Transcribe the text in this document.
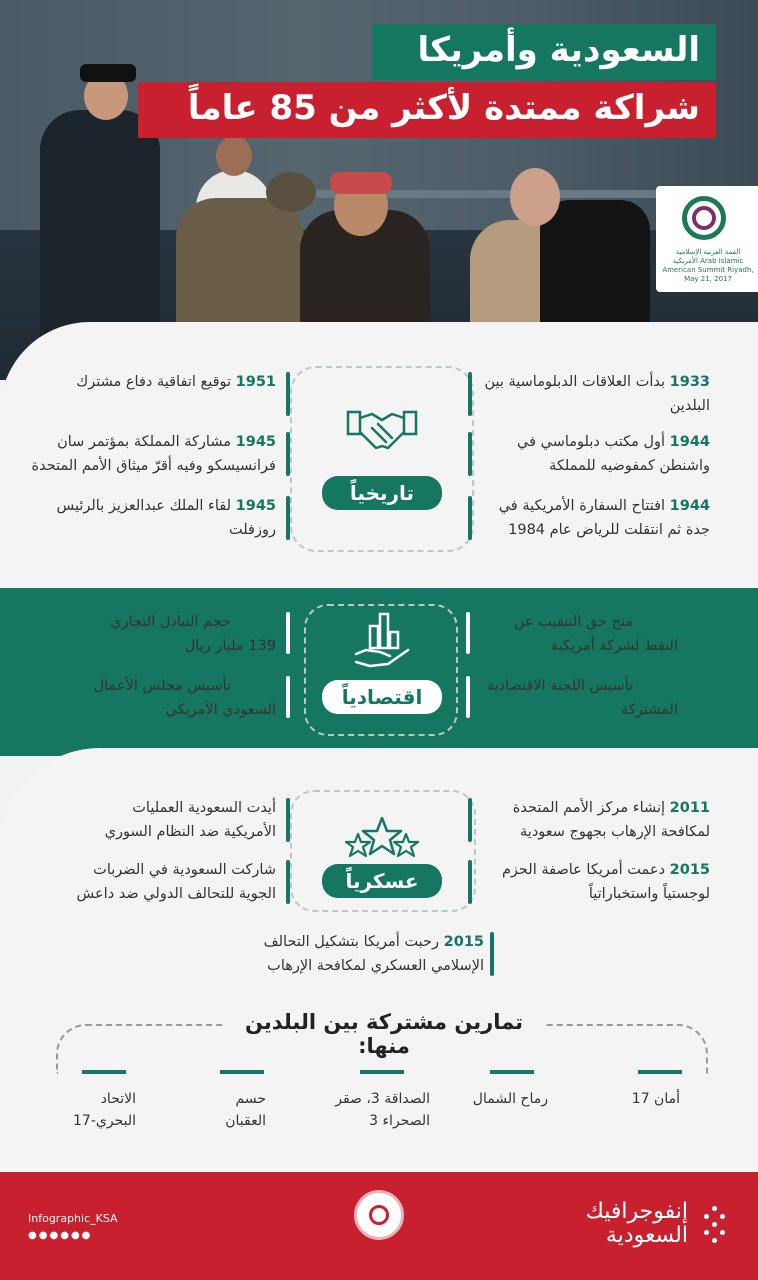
السعودية وأمريكا
شراكة ممتدة لأكثر من 85 عاماً
القمة العربية الإسلامية الأمريكية Arab Islamic American Summit Riyadh, May 21, 2017
1933 بدأت العلاقات الدبلوماسية بين البلدين
1944 أول مكتب دبلوماسي في واشنطن كمفوضيه للمملكة
1944 افتتاح السفارة الأمريكية في جدة ثم انتقلت للرياض عام 1984
1951 توقيع اتفاقية دفاع مشترك
1945 مشاركة المملكة بمؤتمر سان فرانسيسكو وفيه أقرّ ميثاق الأمم المتحدة
1945 لقاء الملك عبدالعزيز بالرئيس روزفلت
تاريخياً
1931 منح حق التنقيب عن النفط لشركة أمريكية
1974 تأسيس اللجنة الاقتصادية المشتركة
2016 حجم التبادل التجاري 139 مليار ريال
1993 تأسيس مجلس الأعمال السعودي الأمريكي
اقتصادياً
2011 إنشاء مركز الأمم المتحدة لمكافحة الإرهاب بجهوج سعودية
2015 دعمت أمريكا عاصفة الحزم لوجستياً واستخباراتياً
أيدت السعودية العمليات الأمريكية ضد النظام السوري
شاركت السعودية في الضربات الجوية للتحالف الدولي ضد داعش
عسكرياً
2015 رحبت أمريكا بتشكيل التحالف الإسلامي العسكري لمكافحة الإرهاب
تمارين مشتركة بين البلدين منها:
أمان 17
رماح الشمال
الصداقة 3، صقر الصحراء 3
حسم العقبان
الاتحاد البحري-17
Infographic_KSA
●●●●●●
إنفوجرافيك
السعودية
